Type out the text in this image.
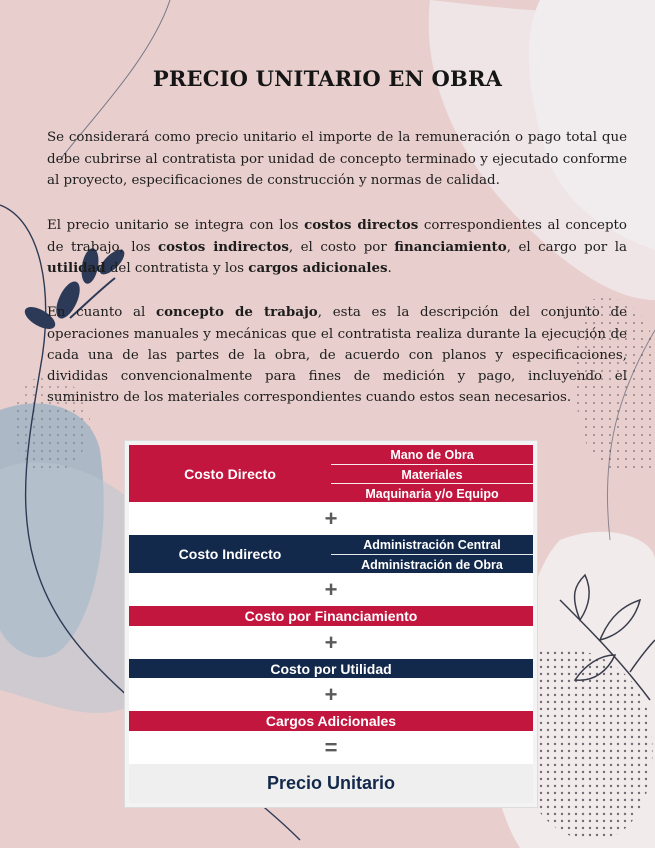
PRECIO UNITARIO EN OBRA

Se considerará como precio unitario el importe de la remuneración o pago total que debe cubrirse al contratista por unidad de concepto terminado y ejecutado conforme al proyecto, especificaciones de construcción y normas de calidad.

El precio unitario se integra con los costos directos correspondientes al concepto de trabajo, los costos indirectos, el costo por financiamiento, el cargo por la utilidad del contratista y los cargos adicionales.

En cuanto al concepto de trabajo, esta es la descripción del conjunto de operaciones manuales y mecánicas que el contratista realiza durante la ejecución de cada una de las partes de la obra, de acuerdo con planos y especificaciones, divididas convencionalmente para fines de medición y pago, incluyendo el suministro de los materiales correspondientes cuando estos sean necesarios.

Costo Directo
Mano de Obra
Materiales
Maquinaria y/o Equipo
+
Costo Indirecto
Administración Central
Administración de Obra
+
Costo por Financiamiento
+
Costo por Utilidad
+
Cargos Adicionales
=
Precio Unitario
